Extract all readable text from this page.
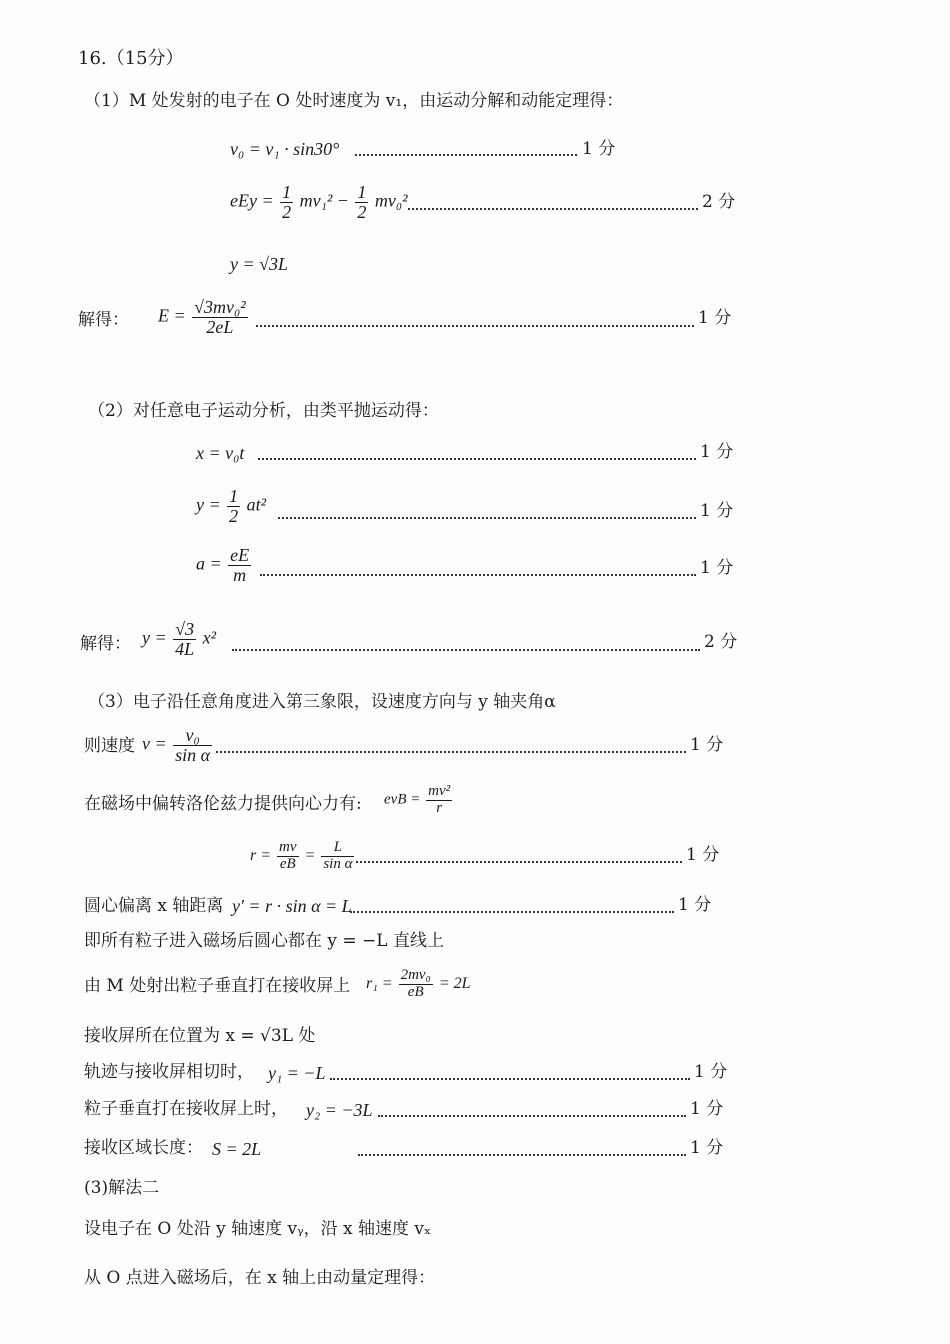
16.（15分）
（1）M 处发射的电子在 O 处时速度为 v₁，由运动分解和动能定理得：
v₀ = v₁ · sin30°	1 分
eEy = $\frac{1}{2} mv_1^2 - \frac{1}{2} mv_0^2$	2 分
y = √3L
解得： $E = \frac{\text{√3mv₀²}}{2eL}$	1 分
（2）对任意电子运动分析，由类平抛运动得：
x = v₀t	1 分
$y = \frac{1}{2} at^2$	1 分
$a = \frac{eE}{m}$	1 分
解得： $y = \frac{√3}{4L} x^2$	2 分
（3）电子沿任意角度进入第三象限，设速度方向与 y 轴夹角α
则速度 $v = \frac{\text{v₀}}{\text{sin α}}$	1 分
在磁场中偏转洛伦兹力提供向心力有: evB = $\frac{\text{mv²}}{r}$
$r = \frac{mv}{eB} = \frac{L}{\text{sin α}}$	1 分
圆心偏离 x 轴距离 y′ = r · sin α = L	1 分
即所有粒子进入磁场后圆心都在 y = −L 直线上
由 M 处射出粒子垂直打在接收屏上 $r_1 = \frac{\text{2mv₀}}{eB} = 2L$
接收屏所在位置为 x = √3L 处
轨迹与接收屏相切时， y₁ = −L	1 分
粒子垂直打在接收屏上时， y₂ = −3L	1 分
接收区域长度： S = 2L	1 分
(3)解法二
设电子在 O 处沿 y 轴速度 vᵧ，沿 x 轴速度 vₓ
从 O 点进入磁场后，在 x 轴上由动量定理得：
